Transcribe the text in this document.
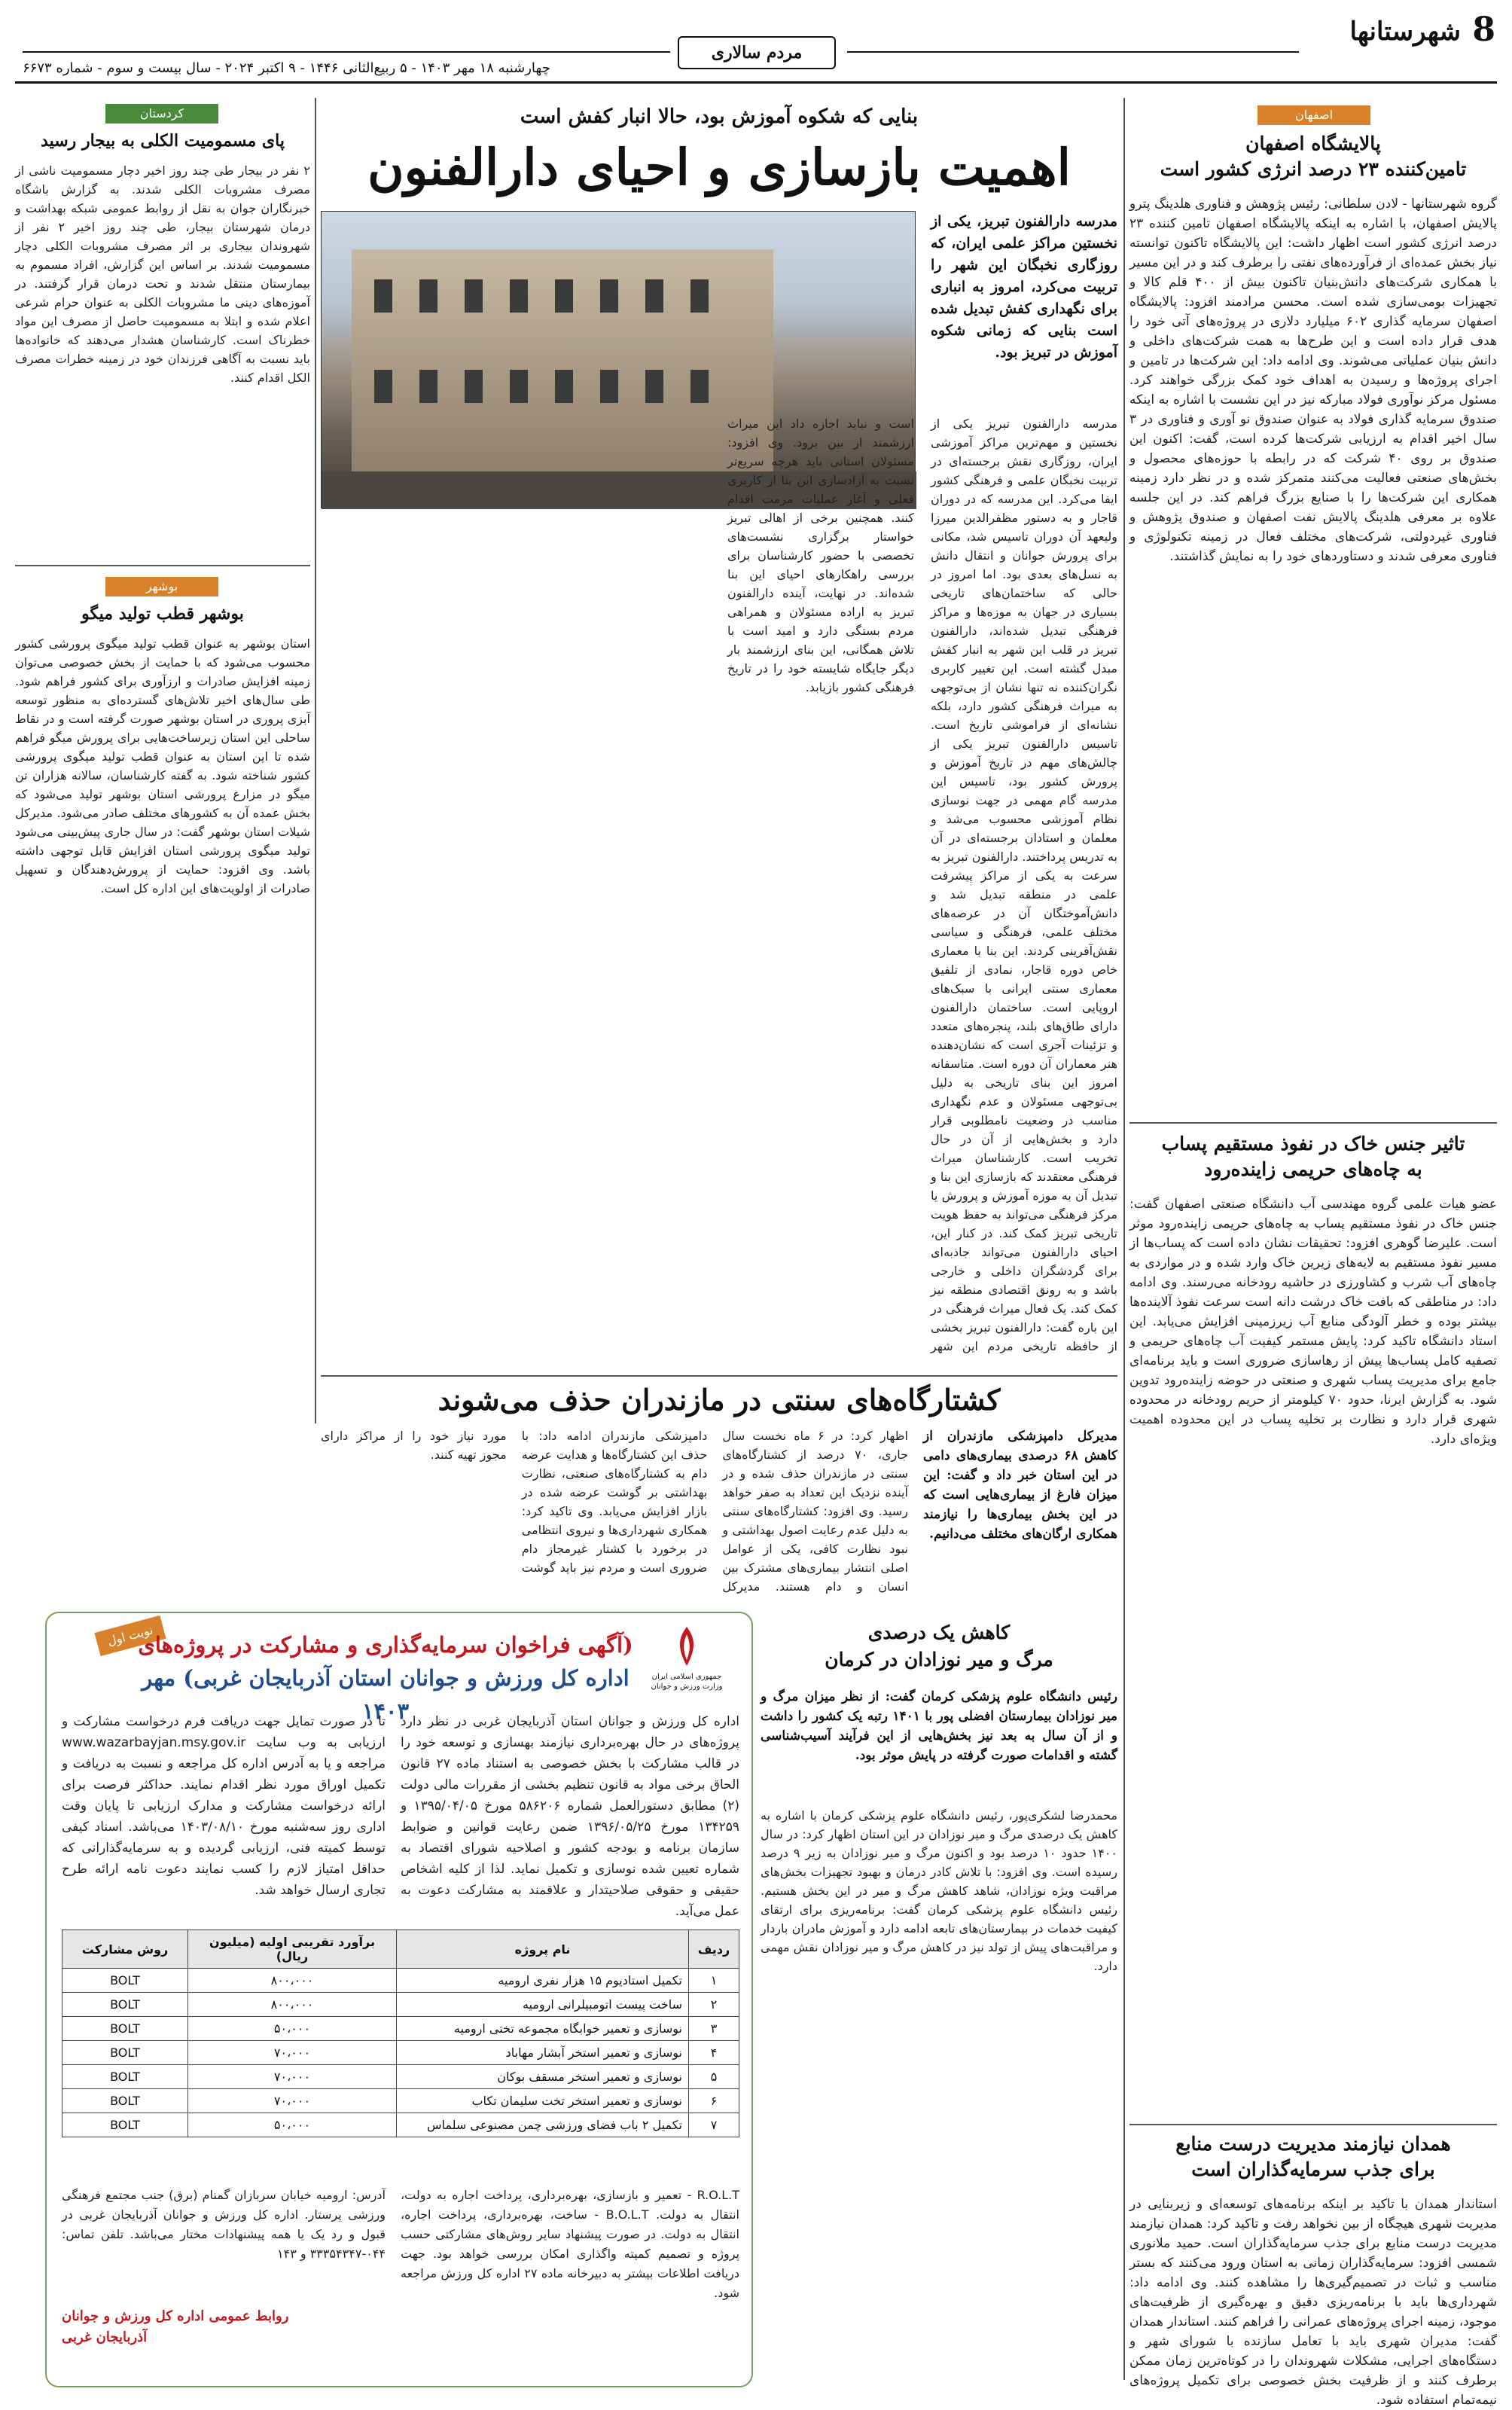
8
شهرستانها
مردم سالاری
چهارشنبه ۱۸ مهر ۱۴۰۳ - ۵ ربیع‌الثانی ۱۴۴۶ - ۹ اکتبر ۲۰۲۴ - سال بیست و سوم - شماره ۶۶۷۳
اصفهان
پالایشگاه اصفهان
تامین‌کننده ۲۳ درصد انرژی کشور است
گروه شهرستانها - لادن سلطانی: رئیس پژوهش و فناوری هلدینگ پترو پالایش اصفهان، با اشاره به اینکه پالایشگاه اصفهان تامین کننده ۲۳ درصد انرژی کشور است اظهار داشت: این پالایشگاه تاکنون توانسته نیاز بخش عمده‌ای از فرآورده‌های نفتی را برطرف کند و در این مسیر با همکاری شرکت‌های دانش‌بنیان تاکنون بیش از ۴۰۰ قلم کالا و تجهیزات بومی‌سازی شده است. محسن مرادمند افزود: پالایشگاه اصفهان سرمایه گذاری ۶۰۲ میلیارد دلاری در پروژه‌های آتی خود را هدف قرار داده است و این طرح‌ها به همت شرکت‌های داخلی و دانش بنیان عملیاتی می‌شوند. وی ادامه داد: این شرکت‌ها در تامین و اجرای پروژه‌ها و رسیدن به اهداف خود کمک بزرگی خواهند کرد. مسئول مرکز نوآوری فولاد مبارکه نیز در این نشست با اشاره به اینکه صندوق سرمایه گذاری فولاد به عنوان صندوق نو آوری و فناوری در ۳ سال اخیر اقدام به ارزیابی شرکت‌ها کرده است، گفت: اکنون این صندوق بر روی ۴۰ شرکت که در رابطه با حوزه‌های محصول و بخش‌های صنعتی فعالیت می‌کنند متمرکز شده و در نظر دارد زمینه همکاری این شرکت‌ها را با صنایع بزرگ فراهم کند. در این جلسه علاوه بر معرفی هلدینگ پالایش نفت اصفهان و صندوق پژوهش و فناوری غیردولتی، شرکت‌های مختلف فعال در زمینه تکنولوژی و فناوری معرفی شدند و دستاوردهای خود را به نمایش گذاشتند.
تاثیر جنس خاک در نفوذ مستقیم پساب
به چاه‌های حریمی زاینده‌رود
عضو هیات علمی گروه مهندسی آب دانشگاه صنعتی اصفهان گفت: جنس خاک در نفوذ مستقیم پساب به چاه‌های حریمی زاینده‌رود موثر است. علیرضا گوهری افزود: تحقیقات نشان داده است که پساب‌ها از مسیر نفوذ مستقیم به لایه‌های زیرین خاک وارد شده و در مواردی به چاه‌های آب شرب و کشاورزی در حاشیه رودخانه می‌رسند. وی ادامه داد: در مناطقی که بافت خاک درشت دانه است سرعت نفوذ آلاینده‌ها بیشتر بوده و خطر آلودگی منابع آب زیرزمینی افزایش می‌یابد. این استاد دانشگاه تاکید کرد: پایش مستمر کیفیت آب چاه‌های حریمی و تصفیه کامل پساب‌ها پیش از رهاسازی ضروری است و باید برنامه‌ای جامع برای مدیریت پساب شهری و صنعتی در حوضه زاینده‌رود تدوین شود. به گزارش ایرنا، حدود ۷۰ کیلومتر از حریم رودخانه در محدوده شهری قرار دارد و نظارت بر تخلیه پساب در این محدوده اهمیت ویژه‌ای دارد.
همدان نیازمند مدیریت درست منابع
برای جذب سرمایه‌گذاران است
استاندار همدان با تاکید بر اینکه برنامه‌های توسعه‌ای و زیربنایی در مدیریت شهری هیچگاه از بین نخواهد رفت و تاکید کرد: همدان نیازمند مدیریت درست منابع برای جذب سرمایه‌گذاران است. حمید ملانوری شمسی افزود: سرمایه‌گذاران زمانی به استان ورود می‌کنند که بستر مناسب و ثبات در تصمیم‌گیری‌ها را مشاهده کنند. وی ادامه داد: شهرداری‌ها باید با برنامه‌ریزی دقیق و بهره‌گیری از ظرفیت‌های موجود، زمینه اجرای پروژه‌های عمرانی را فراهم کنند. استاندار همدان گفت: مدیران شهری باید با تعامل سازنده با شورای شهر و دستگاه‌های اجرایی، مشکلات شهروندان را در کوتاه‌ترین زمان ممکن برطرف کنند و از ظرفیت بخش خصوصی برای تکمیل پروژه‌های نیمه‌تمام استفاده شود.
بنایی که شکوه آموزش بود، حالا انبار کفش است
اهمیت بازسازی و احیای دارالفنون
مدرسه دارالفنون تبریز، یکی از نخستین مراکز علمی ایران، که روزگاری نخبگان این شهر را تربیت می‌کرد، امروز به انباری برای نگهداری کفش تبدیل شده است بنایی که زمانی شکوه آموزش در تبریز بود.
مدرسه دارالفنون تبریز یکی از نخستین و مهم‌ترین مراکز آموزشی ایران، روزگاری نقش برجسته‌ای در تربیت نخبگان علمی و فرهنگی کشور ایفا می‌کرد. این مدرسه که در دوران قاجار و به دستور مظفرالدین میرزا ولیعهد آن دوران تاسیس شد، مکانی برای پرورش جوانان و انتقال دانش به نسل‌های بعدی بود. اما امروز در حالی که ساختمان‌های تاریخی بسیاری در جهان به موزه‌ها و مراکز فرهنگی تبدیل شده‌اند، دارالفنون تبریز در قلب این شهر به انبار کفش مبدل گشته است. این تغییر کاربری نگران‌کننده نه تنها نشان از بی‌توجهی به میراث فرهنگی کشور دارد، بلکه نشانه‌ای از فراموشی تاریخ است. تاسیس دارالفنون تبریز یکی از چالش‌های مهم در تاریخ آموزش و پرورش کشور بود، تاسیس این مدرسه گام مهمی در جهت نوسازی نظام آموزشی محسوب می‌شد و معلمان و استادان برجسته‌ای در آن به تدریس پرداختند. دارالفنون تبریز به سرعت به یکی از مراکز پیشرفت علمی در منطقه تبدیل شد و دانش‌آموختگان آن در عرصه‌های مختلف علمی، فرهنگی و سیاسی نقش‌آفرینی کردند. این بنا با معماری خاص دوره قاجار، نمادی از تلفیق معماری سنتی ایرانی با سبک‌های اروپایی است. ساختمان دارالفنون دارای طاق‌های بلند، پنجره‌های متعدد و تزئینات آجری است که نشان‌دهنده هنر معماران آن دوره است. متاسفانه امروز این بنای تاریخی به دلیل بی‌توجهی مسئولان و عدم نگهداری مناسب در وضعیت نامطلوبی قرار دارد و بخش‌هایی از آن در حال تخریب است. کارشناسان میراث فرهنگی معتقدند که بازسازی این بنا و تبدیل آن به موزه آموزش و پرورش یا مرکز فرهنگی می‌تواند به حفظ هویت تاریخی تبریز کمک کند. در کنار این، احیای دارالفنون می‌تواند جاذبه‌ای برای گردشگران داخلی و خارجی باشد و به رونق اقتصادی منطقه نیز کمک کند. یک فعال میراث فرهنگی در این باره گفت: دارالفنون تبریز بخشی از حافظه تاریخی مردم این شهر است و نباید اجازه داد این میراث ارزشمند از بین برود. وی افزود: مسئولان استانی باید هرچه سریع‌تر نسبت به آزادسازی این بنا از کاربری فعلی و آغاز عملیات مرمت اقدام کنند. همچنین برخی از اهالی تبریز خواستار برگزاری نشست‌های تخصصی با حضور کارشناسان برای بررسی راهکارهای احیای این بنا شده‌اند. در نهایت، آینده دارالفنون تبریز به اراده مسئولان و همراهی مردم بستگی دارد و امید است با تلاش همگانی، این بنای ارزشمند بار دیگر جایگاه شایسته خود را در تاریخ فرهنگی کشور بازیابد.
کردستان
پای مسمومیت الکلی به بیجار رسید
۲ نفر در بیجار طی چند روز اخیر دچار مسمومیت ناشی از مصرف مشروبات الکلی شدند. به گزارش باشگاه خبرنگاران جوان به نقل از روابط عمومی شبکه بهداشت و درمان شهرستان بیجار، طی چند روز اخیر ۲ نفر از شهروندان بیجاری بر اثر مصرف مشروبات الکلی دچار مسمومیت شدند. بر اساس این گزارش، افراد مسموم به بیمارستان منتقل شدند و تحت درمان قرار گرفتند. در آموزه‌های دینی ما مشروبات الکلی به عنوان حرام شرعی اعلام شده و ابتلا به مسمومیت حاصل از مصرف این مواد خطرناک است. کارشناسان هشدار می‌دهند که خانواده‌ها باید نسبت به آگاهی فرزندان خود در زمینه خطرات مصرف الکل اقدام کنند.
بوشهر
بوشهر قطب تولید میگو
استان بوشهر به عنوان قطب تولید میگوی پرورشی کشور محسوب می‌شود که با حمایت از بخش خصوصی می‌توان زمینه افزایش صادرات و ارزآوری برای کشور فراهم شود. طی سال‌های اخیر تلاش‌های گسترده‌ای به منظور توسعه آبزی پروری در استان بوشهر صورت گرفته است و در نقاط ساحلی این استان زیرساخت‌هایی برای پرورش میگو فراهم شده تا این استان به عنوان قطب تولید میگوی پرورشی کشور شناخته شود. به گفته کارشناسان، سالانه هزاران تن میگو در مزارع پرورشی استان بوشهر تولید می‌شود که بخش عمده آن به کشورهای مختلف صادر می‌شود. مدیرکل شیلات استان بوشهر گفت: در سال جاری پیش‌بینی می‌شود تولید میگوی پرورشی استان افزایش قابل توجهی داشته باشد. وی افزود: حمایت از پرورش‌دهندگان و تسهیل صادرات از اولویت‌های این اداره کل است.
کشتارگاه‌های سنتی در مازندران حذف می‌شوند
مدیرکل دامپزشکی مازندران از کاهش ۶۸ درصدی بیماری‌های دامی در این استان خبر داد و گفت: این میزان فارغ از بیماری‌هایی است که در این بخش بیماری‌ها را نیازمند همکاری ارگان‌های مختلف می‌دانیم.
اظهار کرد: در ۶ ماه نخست سال جاری، ۷۰ درصد از کشتارگاه‌های سنتی در مازندران حذف شده و در آینده نزدیک این تعداد به صفر خواهد رسید. وی افزود: کشتارگاه‌های سنتی به دلیل عدم رعایت اصول بهداشتی و نبود نظارت کافی، یکی از عوامل اصلی انتشار بیماری‌های مشترک بین انسان و دام هستند. مدیرکل دامپزشکی مازندران ادامه داد: با حذف این کشتارگاه‌ها و هدایت عرضه دام به کشتارگاه‌های صنعتی، نظارت بهداشتی بر گوشت عرضه شده در بازار افزایش می‌یابد. وی تاکید کرد: همکاری شهرداری‌ها و نیروی انتظامی در برخورد با کشتار غیرمجاز دام ضروری است و مردم نیز باید گوشت مورد نیاز خود را از مراکز دارای مجوز تهیه کنند.
نوبت اول
جمهوری اسلامی ایران وزارت ورزش و جوانان
(آگهی فراخوان سرمایه‌گذاری و مشارکت در پروژه‌های
اداره کل ورزش و جوانان استان آذربایجان غربی) مهر ۱۴۰۳
اداره کل ورزش و جوانان استان آذربایجان غربی در نظر دارد پروژه‌های در حال بهره‌برداری نیازمند بهسازی و توسعه خود را در قالب مشارکت با بخش خصوصی به استناد ماده ۲۷ قانون الحاق برخی مواد به قانون تنظیم بخشی از مقررات مالی دولت (۲) مطابق دستورالعمل شماره ۵۸۶۲۰۶ مورخ ۱۳۹۵/۰۴/۰۵ و ۱۳۴۲۵۹ مورخ ۱۳۹۶/۰۵/۲۵ ضمن رعایت قوانین و ضوابط سازمان برنامه و بودجه کشور و اصلاحیه شورای اقتصاد به شماره تعیین شده نوسازی و تکمیل نماید. لذا از کلیه اشخاص حقیقی و حقوقی صلاحیتدار و علاقمند به مشارکت دعوت به عمل می‌آید.
تا در صورت تمایل جهت دریافت فرم درخواست مشارکت و ارزیابی به وب سایت www.wazarbayjan.msy.gov.ir مراجعه و یا به آدرس اداره کل مراجعه و نسبت به دریافت و تکمیل اوراق مورد نظر اقدام نمایند. حداکثر فرصت برای ارائه درخواست مشارکت و مدارک ارزیابی تا پایان وقت اداری روز سه‌شنبه مورخ ۱۴۰۳/۰۸/۱۰ می‌باشد. اسناد کیفی توسط کمیته فنی، ارزیابی گردیده و به سرمایه‌گذارانی که حداقل امتیاز لازم را کسب نمایند دعوت نامه ارائه طرح تجاری ارسال خواهد شد.
ردیف	نام پروژه	برآورد تقریبی اولیه (میلیون ریال)	روش مشارکت
۱	تکمیل استادیوم ۱۵ هزار نفری ارومیه	۸۰۰،۰۰۰	BOLT
۲	ساخت پیست اتومبیلرانی ارومیه	۸۰۰،۰۰۰	BOLT
۳	نوسازی و تعمیر خوابگاه مجموعه تختی ارومیه	۵۰،۰۰۰	BOLT
۴	نوسازی و تعمیر استخر آبشار مهاباد	۷۰،۰۰۰	BOLT
۵	نوسازی و تعمیر استخر مسقف بوکان	۷۰،۰۰۰	BOLT
۶	نوسازی و تعمیر استخر تخت سلیمان تکاب	۷۰،۰۰۰	BOLT
۷	تکمیل ۲ باب فضای ورزشی چمن مصنوعی سلماس	۵۰،۰۰۰	BOLT
R.O.L.T - تعمیر و بازسازی، بهره‌برداری، پرداخت اجاره به دولت، انتقال به دولت. B.O.L.T - ساخت، بهره‌برداری، پرداخت اجاره، انتقال به دولت. در صورت پیشنهاد سایر روش‌های مشارکتی حسب پروژه و تصمیم کمیته واگذاری امکان بررسی خواهد بود. جهت دریافت اطلاعات بیشتر به دبیرخانه ماده ۲۷ اداره کل ورزش مراجعه شود.
آدرس: ارومیه خیابان سربازان گمنام (برق) جنب مجتمع فرهنگی ورزشی پرستار. اداره کل ورزش و جوانان آذربایجان غربی در قبول و رد یک یا همه پیشنهادات مختار می‌باشد. تلفن تماس: ۰۴۴-۳۳۳۵۴۳۴۷ و ۱۴۳
روابط عمومی اداره کل ورزش و جوانان
آذربایجان غربی
کاهش یک درصدی
مرگ و میر نوزادان در کرمان
رئیس دانشگاه علوم پزشکی کرمان گفت: از نظر میزان مرگ و میر نوزادان بیمارستان افضلی پور با ۱۴۰۱ رتبه یک کشور را داشت و از آن سال به بعد نیز بخش‌هایی از این فرآیند آسیب‌شناسی گشته و اقدامات صورت گرفته در پایش موثر بود.
محمدرضا لشکری‌پور، رئیس دانشگاه علوم پزشکی کرمان با اشاره به کاهش یک درصدی مرگ و میر نوزادان در این استان اظهار کرد: در سال ۱۴۰۰ حدود ۱۰ درصد بود و اکنون مرگ و میر نوزادان به زیر ۹ درصد رسیده است. وی افزود: با تلاش کادر درمان و بهبود تجهیزات بخش‌های مراقبت ویژه نوزادان، شاهد کاهش مرگ و میر در این بخش هستیم. رئیس دانشگاه علوم پزشکی کرمان گفت: برنامه‌ریزی برای ارتقای کیفیت خدمات در بیمارستان‌های تابعه ادامه دارد و آموزش مادران باردار و مراقبت‌های پیش از تولد نیز در کاهش مرگ و میر نوزادان نقش مهمی دارد.
